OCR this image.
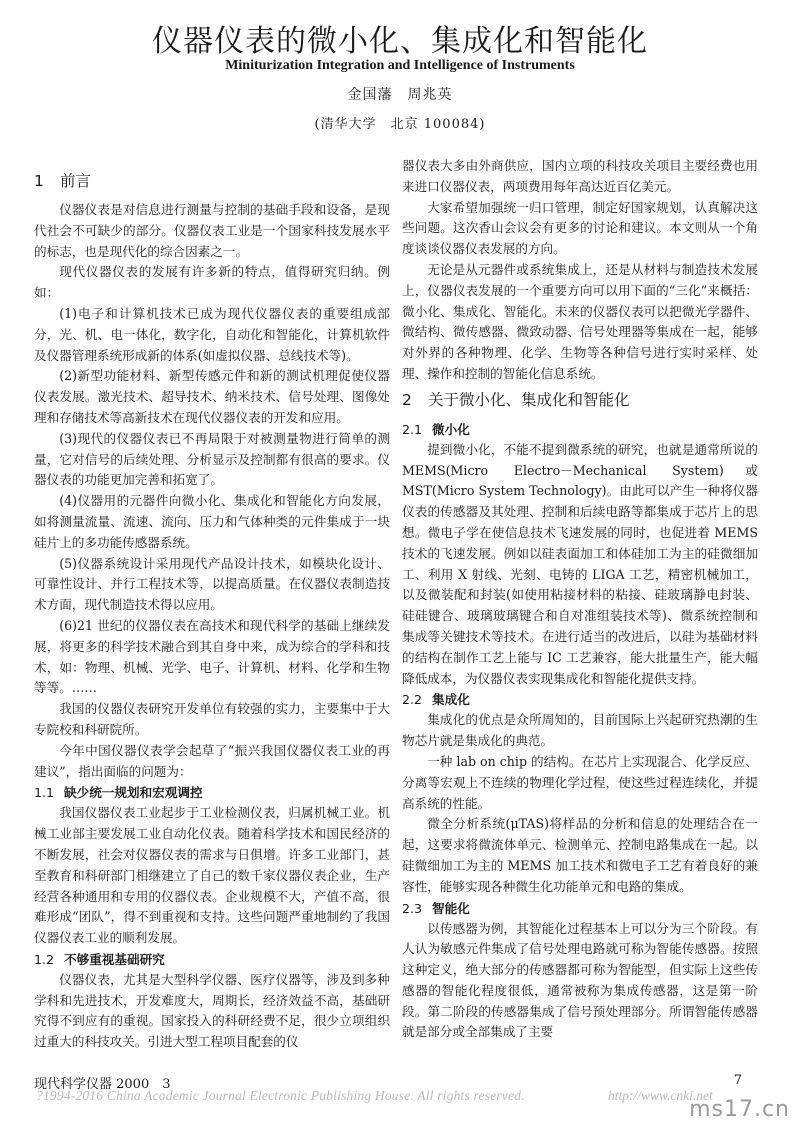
仪器仪表的微小化、集成化和智能化
Miniturization Integration and Intelligence of Instruments
金国藩　周兆英
(清华大学　北京 100084)
1 前言

仪器仪表是对信息进行测量与控制的基础手段和设备，是现代社会不可缺少的部分。仪器仪表工业是一个国家科技发展水平的标志，也是现代化的综合因素之一。

现代仪器仪表的发展有许多新的特点，值得研究归纳。例如：

(1)电子和计算机技术已成为现代仪器仪表的重要组成部分，光、机、电一体化，数字化，自动化和智能化，计算机软件及仪器管理系统形成新的体系(如虚拟仪器、总线技术等)。

(2)新型功能材料、新型传感元件和新的测试机理促使仪器仪表发展。激光技术、超导技术、纳米技术、信号处理、图像处理和存储技术等高新技术在现代仪器仪表的开发和应用。

(3)现代的仪器仪表已不再局限于对被测量物进行简单的测量，它对信号的后续处理、分析显示及控制都有很高的要求。仪器仪表的功能更加完善和拓宽了。

(4)仪器用的元器件向微小化、集成化和智能化方向发展，如将测量流量、流速、流向、压力和气体种类的元件集成于一块硅片上的多功能传感器系统。

(5)仪器系统设计采用现代产品设计技术，如模块化设计、可靠性设计、并行工程技术等，以提高质量。在仪器仪表制造技术方面，现代制造技术得以应用。

(6)21 世纪的仪器仪表在高技术和现代科学的基础上继续发展，将更多的科学技术融合到其自身中来，成为综合的学科和技术，如：物理、机械、光学、电子、计算机、材料、化学和生物等等。……

我国的仪器仪表研究开发单位有较强的实力，主要集中于大专院校和科研院所。

今年中国仪器仪表学会起草了“振兴我国仪器仪表工业的再建议”，指出面临的问题为：

1.1 缺少统一规划和宏观调控

我国仪器仪表工业起步于工业检测仪表，归属机械工业。机械工业部主要发展工业自动化仪表。随着科学技术和国民经济的不断发展，社会对仪器仪表的需求与日俱增。许多工业部门，甚至教育和科研部门相继建立了自己的数千家仪器仪表企业，生产经营各种通用和专用的仪器仪表。企业规模不大，产值不高，很难形成“团队”，得不到重视和支持。这些问题严重地制约了我国仪器仪表工业的顺利发展。

1.2 不够重视基础研究

仪器仪表，尤其是大型科学仪器、医疗仪器等，涉及到多种学科和先进技术，开发难度大，周期长，经济效益不高，基础研究得不到应有的重视。国家投入的科研经费不足，很少立项组织过重大的科技攻关。引进大型工程项目配套的仪

器仪表大多由外商供应，国内立项的科技攻关项目主要经费也用来进口仪器仪表，两项费用每年高达近百亿美元。

大家希望加强统一归口管理，制定好国家规划，认真解决这些问题。这次香山会议会有更多的讨论和建议。本文则从一个角度谈谈仪器仪表发展的方向。

无论是从元器件或系统集成上，还是从材料与制造技术发展上，仪器仪表发展的一个重要方向可以用下面的“三化”来概括：微小化、集成化、智能化。未来的仪器仪表可以把微光学器件、微结构、微传感器、微致动器、信号处理器等集成在一起，能够对外界的各种物理、化学、生物等各种信号进行实时采样、处理、操作和控制的智能化信息系统。

2 关于微小化、集成化和智能化
2.1 微小化

提到微小化，不能不提到微系统的研究，也就是通常所说的 MEMS(Micro Electro－Mechanical System)或 MST(Micro System Technology)。由此可以产生一种将仪器仪表的传感器及其处理、控制和后续电路等都集成于芯片上的思想。微电子学在使信息技术飞速发展的同时，也促进着 MEMS 技术的飞速发展。例如以硅表面加工和体硅加工为主的硅微细加工、利用 X 射线、光刻、电铸的 LIGA 工艺，精密机械加工，以及微装配和封装(如使用粘接材料的粘接、硅玻璃静电封装、硅硅键合、玻璃玻璃键合和自对准组装技术等)、微系统控制和集成等关键技术等技术。在进行适当的改进后，以硅为基础材料的结构在制作工艺上能与 IC 工艺兼容，能大批量生产，能大幅降低成本，为仪器仪表实现集成化和智能化提供支持。

2.2 集成化

集成化的优点是众所周知的，目前国际上兴起研究热潮的生物芯片就是集成化的典范。

一种 lab on chip 的结构。在芯片上实现混合、化学反应、分离等宏观上不连续的物理化学过程，使这些过程连续化，并提高系统的性能。

微全分析系统(μTAS)将样品的分析和信息的处理结合在一起，这要求将微流体单元、检测单元、控制电路集成在一起。以硅微细加工为主的 MEMS 加工技术和微电子工艺有着良好的兼容性，能够实现各种微生化功能单元和电路的集成。

2.3 智能化

以传感器为例，其智能化过程基本上可以分为三个阶段。有人认为敏感元件集成了信号处理电路就可称为智能传感器。按照这种定义，绝大部分的传感器都可称为智能型，但实际上这些传感器的智能化程度很低，通常被称为集成传感器，这是第一阶段。第二阶段的传感器集成了信号预处理部分。所谓智能传感器就是部分或全部集成了主要

现代科学仪器 2000　3	7
?1994-2016 China Academic Journal Electronic Publishing House. All rights reserved.	http://www.cnki.net
ms17.cn
